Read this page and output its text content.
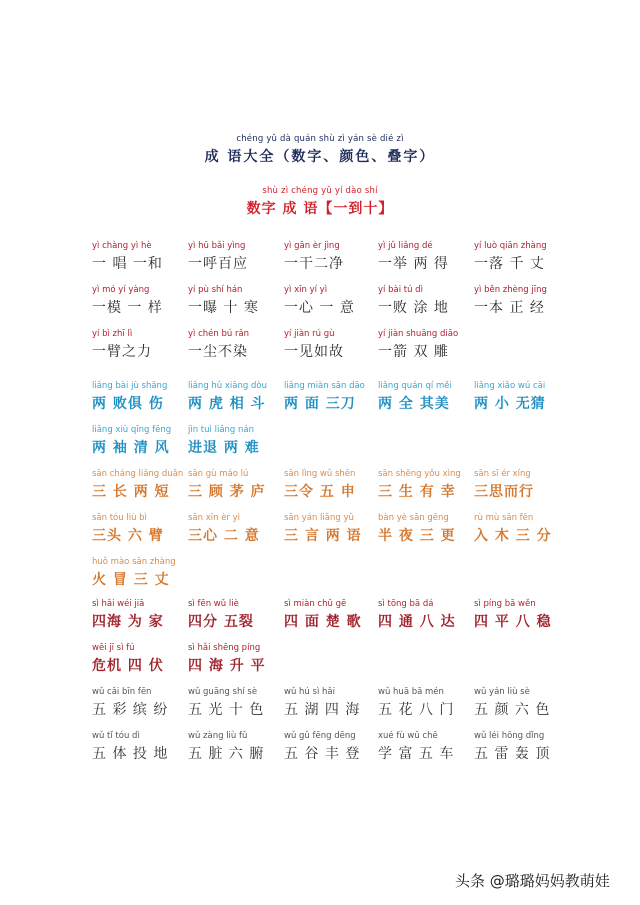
chéng yǔ dà quán shù zì yán sè dié zì
成 语大全（数字、颜色、叠字）
shù zì chéng yǔ yí dào shí
数字 成 语【一到十】
yì chàng yì hè
一 唱 一和
yì hū bǎi yìng
一呼百应
yì gān èr jìng
一干二净
yì jǔ liǎng dé
一举 两 得
yí luò qiān zhàng
一落 千 丈
yì mó yí yàng
一模 一 样
yí pù shí hán
一曝 十 寒
yì xīn yí yì
一心 一 意
yí bài tú dì
一败 涂 地
yì běn zhèng jīng
一本 正 经
yí bì zhī lì
一臂之力
yì chén bú rǎn
一尘不染
yí jiàn rú gù
一见如故
yí jiàn shuāng diāo
一箭 双 雕
liǎng bài jù shāng
两 败俱 伤
liǎng hǔ xiāng dòu
两 虎 相 斗
liǎng miàn sān dāo
两 面 三刀
liǎng quán qí měi
两 全 其美
liǎng xiǎo wú cāi
两 小 无猜
liǎng xiù qīng fēng
两 袖 清 风
jìn tuì liǎng nán
进退 两 难
sān cháng liǎng duǎn
三 长 两 短
sān gù máo lú
三 顾 茅 庐
sān lìng wǔ shēn
三令 五 申
sān shēng yǒu xìng
三 生 有 幸
sān sī ér xíng
三思而行
sān tóu liù bì
三头 六 臂
sān xīn èr yì
三心 二 意
sān yán liǎng yǔ
三 言 两 语
bàn yè sān gēng
半 夜 三 更
rù mù sān fēn
入 木 三 分
huǒ mào sān zhàng
火 冒 三 丈
sì hǎi wéi jiā
四海 为 家
sì fēn wǔ liè
四分 五裂
sì miàn chǔ gē
四 面 楚 歌
sì tōng bā dá
四 通 八 达
sì píng bā wěn
四 平 八 稳
wēi jī sì fú
危机 四 伏
sì hǎi shēng píng
四 海 升 平
wǔ cǎi bīn fēn
五 彩 缤 纷
wǔ guāng shí sè
五 光 十 色
wǔ hú sì hǎi
五 湖 四 海
wǔ huā bā mén
五 花 八 门
wǔ yán liù sè
五 颜 六 色
wǔ tǐ tóu dì
五 体 投 地
wǔ zàng liù fǔ
五 脏 六 腑
wǔ gǔ fēng dēng
五 谷 丰 登
xué fù wǔ chē
学 富 五 车
wǔ léi hōng dǐng
五 雷 轰 顶
头条 @璐璐妈妈教萌娃
